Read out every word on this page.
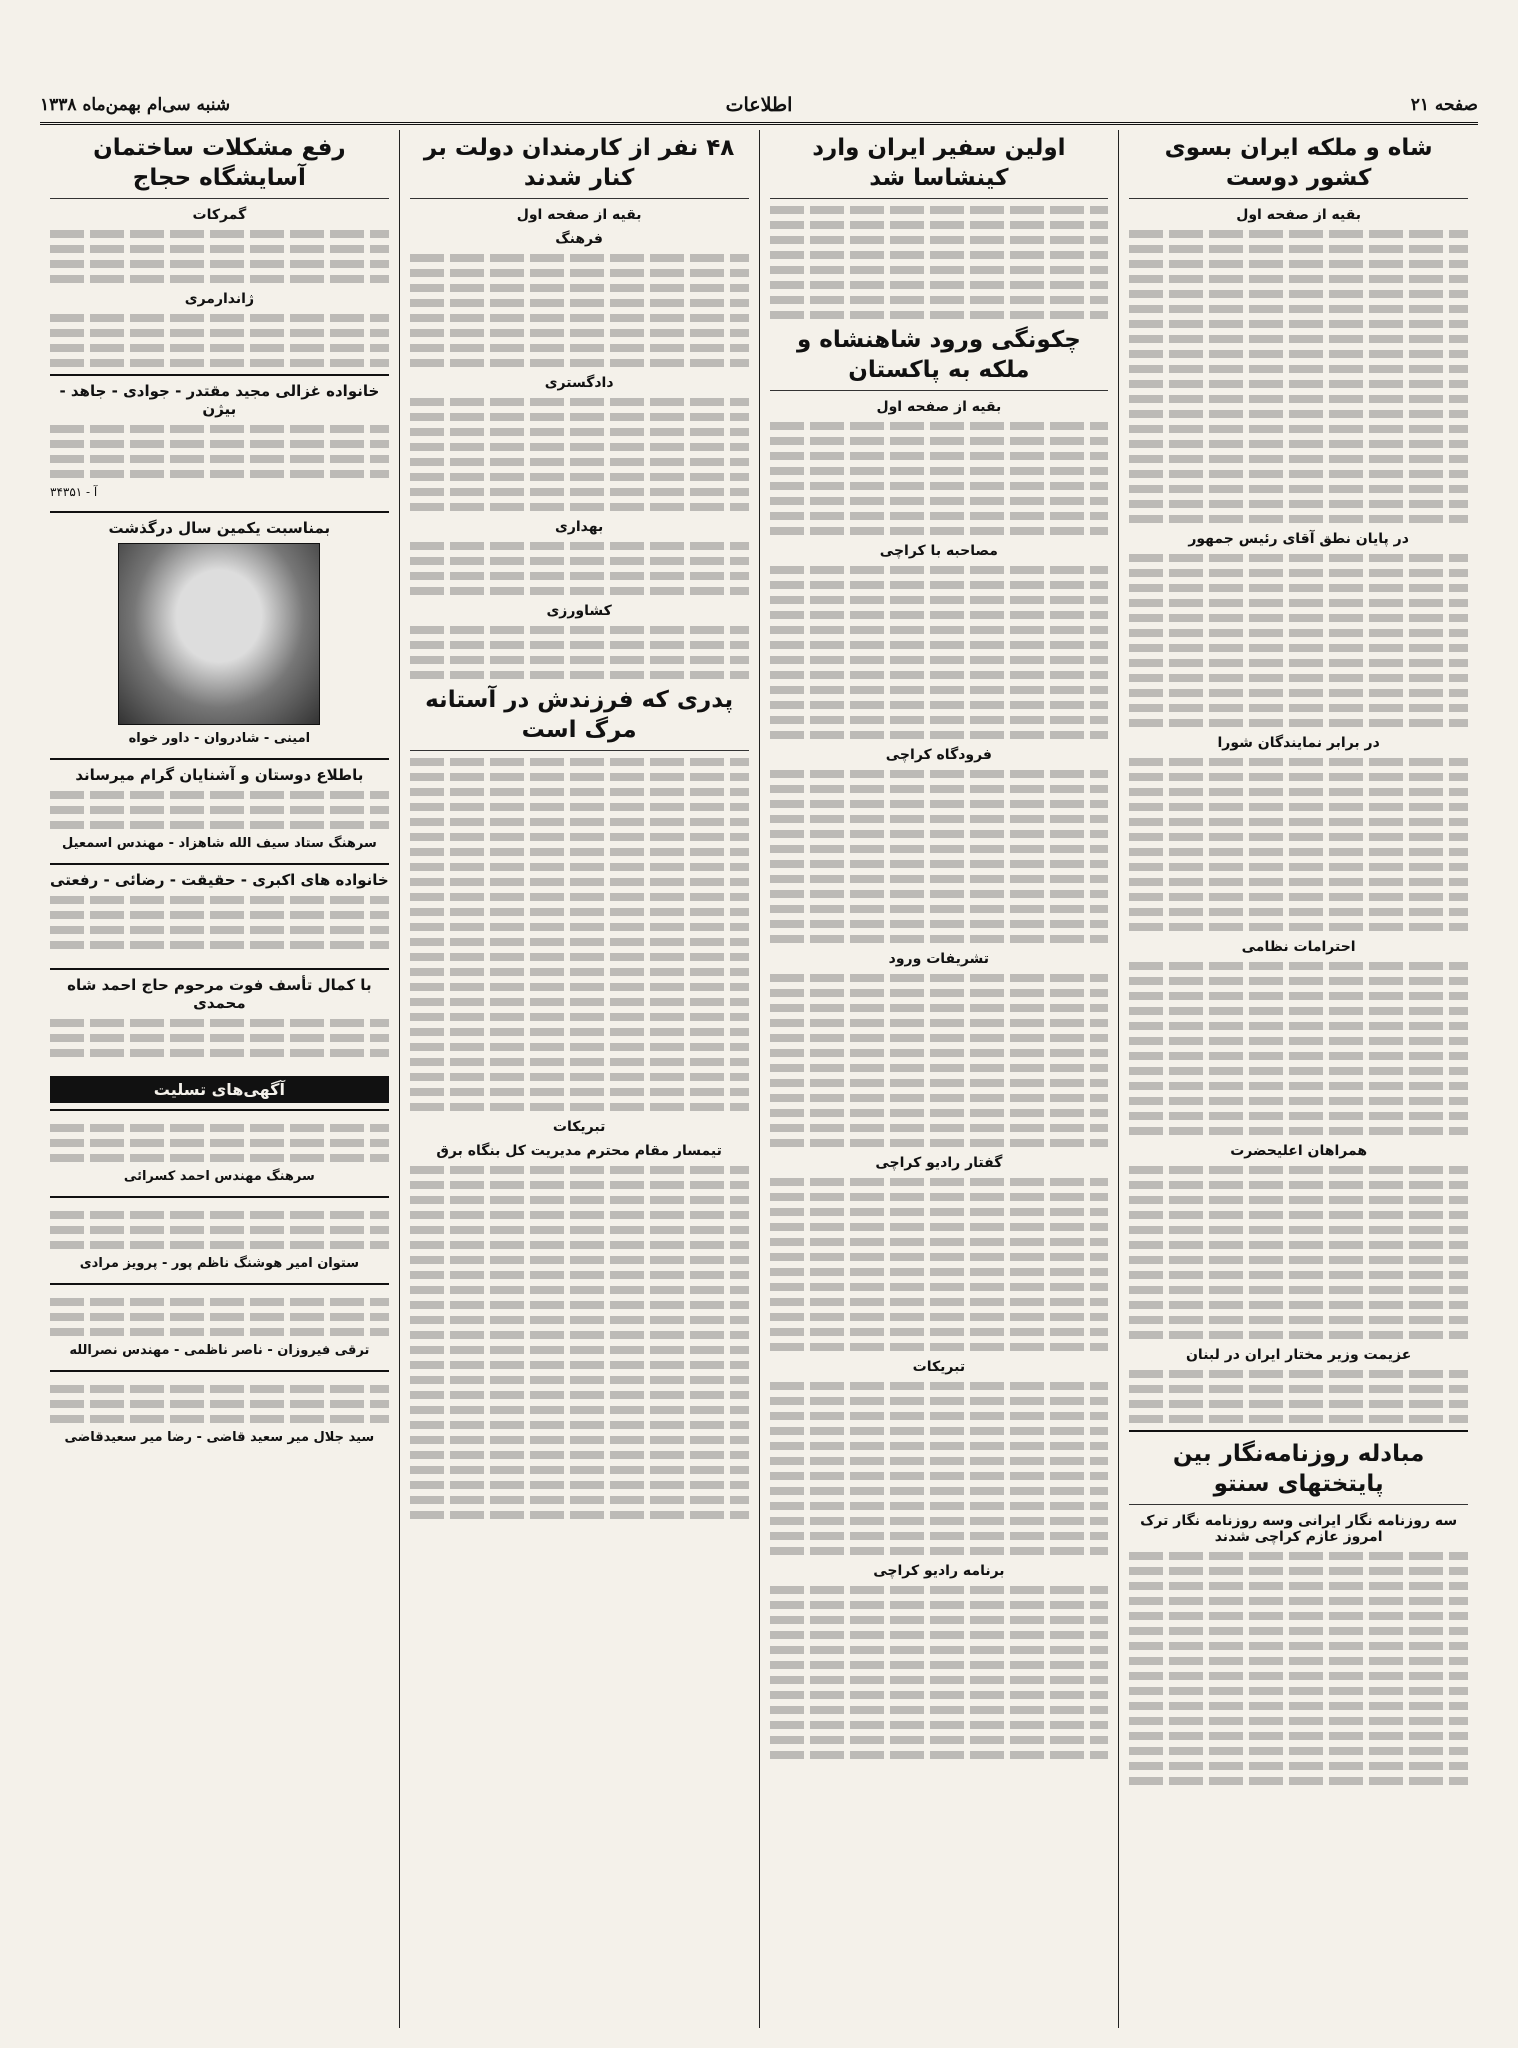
صفحه ۲۱
اطلاعات
شنبه سی‌ام بهمن‌ماه ۱۳۳۸
شاه و ملکه ایران بسوی کشور دوست
بقیه از صفحه اول
در پایان نطق آقای رئیس جمهور
در برابر نمایندگان شورا
احترامات نظامی
همراهان اعلیحضرت
عزیمت وزیر مختار ایران در لبنان
مبادله روزنامه‌نگار بین پایتختهای سنتو
سه روزنامه نگار ایرانی وسه روزنامه نگار ترک امروز عازم کراچی شدند
اولین سفیر ایران وارد کینشاسا شد
چکونگی ورود شاهنشاه و ملکه به پاکستان
بقیه از صفحه اول
مصاحبه با کراچی
فرودگاه کراچی
تشریفات ورود
گفتار رادیو کراچی
تبریکات
برنامه رادیو کراچی
۴۸ نفر از کارمندان دولت بر کنار شدند
بقیه از صفحه اول
فرهنگ
دادگستری
بهداری
کشاورزی
پدری که فرزندش در آستانه مرگ است
تبریکات
تیمسار مقام محترم مدیریت کل بنگاه برق
رفع مشکلات ساختمان آسایشگاه حجاج
گمرکات
ژاندارمری
خانواده غزالی مجید مقتدر - جوادی - جاهد - بیژن
آ - ۳۴۳۵۱
بمناسبت یکمین سال درگذشت
امینی - شادروان - داور خواه
باطلاع دوستان و آشنایان گرام میرساند
سرهنگ ستاد سیف الله شاهزاد - مهندس اسمعیل
خانواده های اکبری - حقیقت - رضائی - رفعتی
با کمال تأسف فوت مرحوم حاج احمد شاه محمدی
آگهی‌های تسلیت
سرهنگ مهندس احمد کسرائی
ستوان امیر هوشنگ ناظم پور - پرویز مرادی
ترقی فیروزان - ناصر ناظمی - مهندس نصرالله
سید جلال میر سعید قاضی - رضا میر سعیدقاضی
